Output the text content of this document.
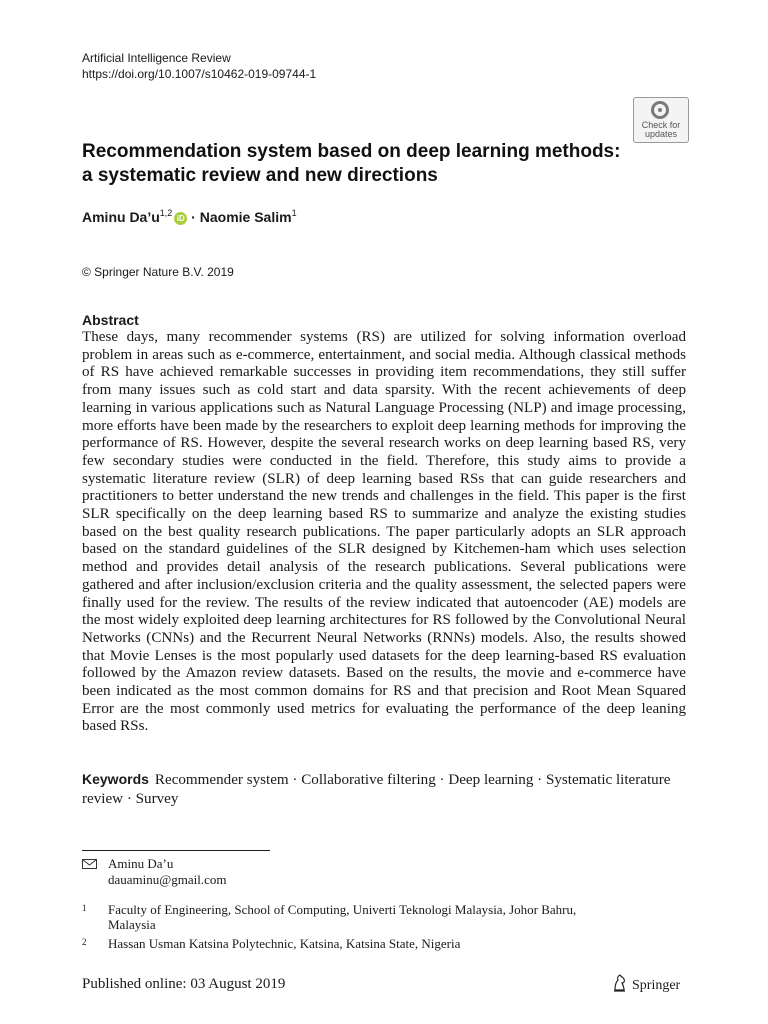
Artificial Intelligence Review
https://doi.org/10.1007/s10462-019-09744-1
Check for
updates
Recommendation system based on deep learning methods:
a systematic review and new directions
Aminu $Da’u^{1,2}iD$ · Naomie Salim$^1$
© Springer Nature B.V. 2019
Abstract

These days, many recommender systems (RS) are utilized for solving information overload problem in areas such as e-commerce, entertainment, and social media. Although classical methods of RS have achieved remarkable successes in providing item recommendations, they still suffer from many issues such as cold start and data sparsity. With the recent achievements of deep learning in various applications such as Natural Language Processing (NLP) and image processing, more efforts have been made by the researchers to exploit deep learning methods for improving the performance of RS. However, despite the several research works on deep learning based RS, very few secondary studies were conducted in the field. Therefore, this study aims to provide a systematic literature review (SLR) of deep learning based RSs that can guide researchers and practitioners to better understand the new trends and challenges in the field. This paper is the first SLR specifically on the deep learning based RS to summarize and analyze the existing studies based on the best quality research publications. The paper particularly adopts an SLR approach based on the standard guidelines of the SLR designed by Kitchemen-ham which uses selection method and provides detail analysis of the research publications. Several publications were gathered and after inclusion/exclusion criteria and the quality assessment, the selected papers were finally used for the review. The results of the review indicated that autoencoder (AE) models are the most widely exploited deep learning architectures for RS followed by the Convolutional Neural Networks (CNNs) and the Recurrent Neural Networks (RNNs) models. Also, the results showed that Movie Lenses is the most popularly used datasets for the deep learning-based RS evaluation followed by the Amazon review datasets. Based on the results, the movie and e-commerce have been indicated as the most common domains for RS and that precision and Root Mean Squared Error are the most commonly used metrics for evaluating the performance of the deep leaning based RSs.

Keywords Recommender system · Collaborative filtering · Deep learning · Systematic literature review · Survey
Aminu Da’u
dauaminu@gmail.com
1 Faculty of Engineering, School of Computing, Univerti Teknologi Malaysia, Johor Bahru,
Malaysia
2 Hassan Usman Katsina Polytechnic, Katsina, Katsina State, Nigeria
Published online: 03 August 2019	Springer
